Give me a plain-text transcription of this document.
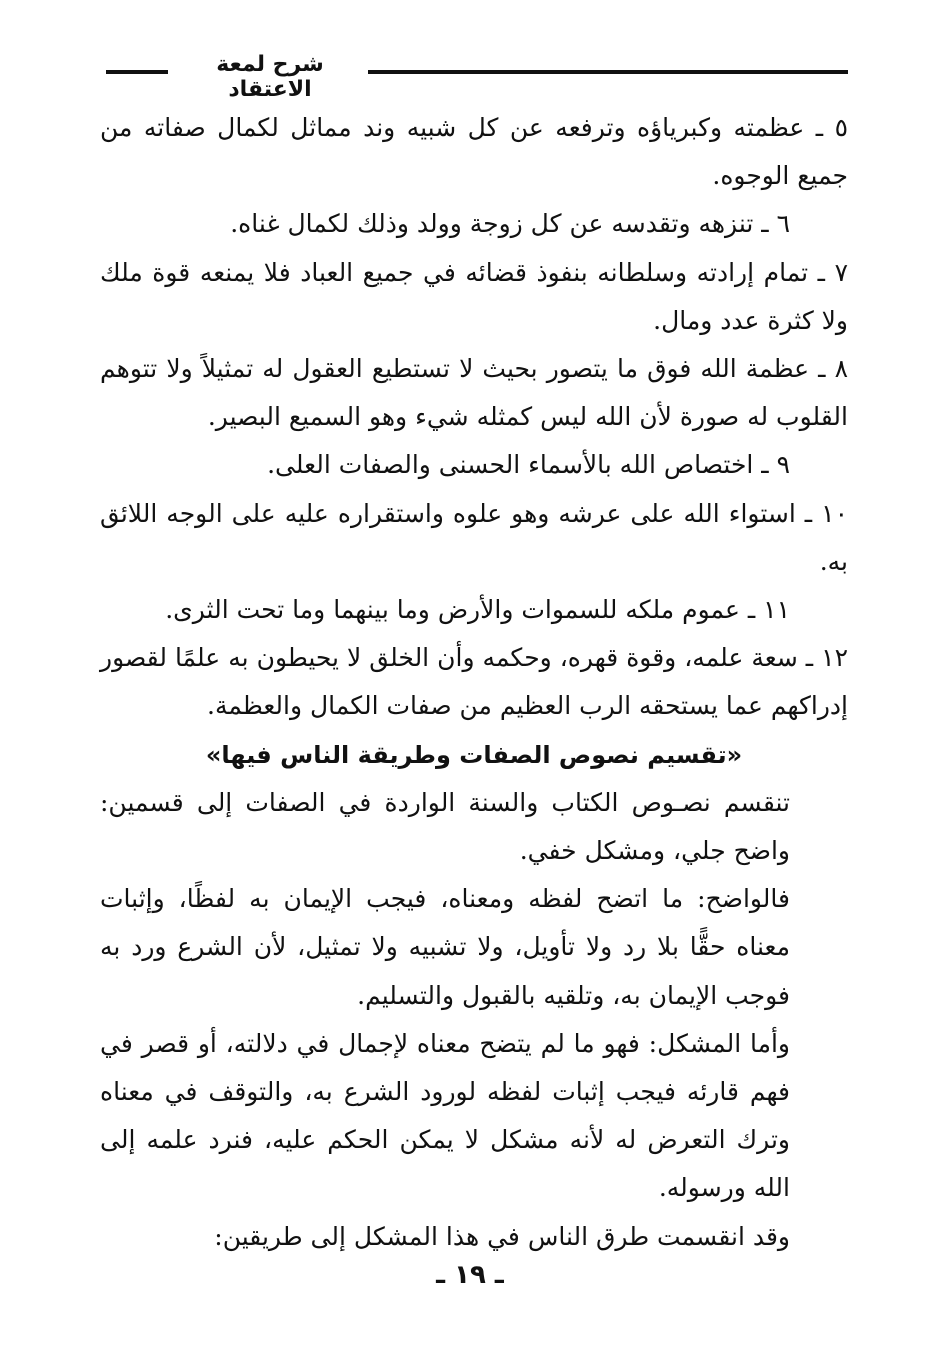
شرح لمعة الاعتقاد

٥ ـ عظمته وكبرياؤه وترفعه عن كل شبيه وند مماثل لكمال صفاته من جميع الوجوه.

٦ ـ تنزهه وتقدسه عن كل زوجة وولد وذلك لكمال غناه.

٧ ـ تمام إرادته وسلطانه بنفوذ قضائه في جميع العباد فلا يمنعه قوة ملك ولا كثرة عدد ومال.

٨ ـ عظمة الله فوق ما يتصور بحيث لا تستطيع العقول له تمثيلاً ولا تتوهم القلوب له صورة لأن الله ليس كمثله شيء وهو السميع البصير.

٩ ـ اختصاص الله بالأسماء الحسنى والصفات العلى.

١٠ ـ استواء الله على عرشه وهو علوه واستقراره عليه على الوجه اللائق به.

١١ ـ عموم ملكه للسموات والأرض وما بينهما وما تحت الثرى.

١٢ ـ سعة علمه، وقوة قهره، وحكمه وأن الخلق لا يحيطون به علمًا لقصور إدراكهم عما يستحقه الرب العظيم من صفات الكمال والعظمة.

«تقسيم نصوص الصفات وطريقة الناس فيها»

تنقسم نصـوص الكتاب والسنة الواردة في الصفات إلى قسمين: واضح جلي، ومشكل خفي.

فالواضح: ما اتضح لفظه ومعناه، فيجب الإيمان به لفظًا، وإثبات معناه حقًّا بلا رد ولا تأويل، ولا تشبيه ولا تمثيل، لأن الشرع ورد به فوجب الإيمان به، وتلقيه بالقبول والتسليم.

وأما المشكل: فهو ما لم يتضح معناه لإجمال في دلالته، أو قصر في فهم قارئه فيجب إثبات لفظه لورود الشرع به، والتوقف في معناه وترك التعرض له لأنه مشكل لا يمكن الحكم عليه، فنرد علمه إلى الله ورسوله.

وقد انقسمت طرق الناس في هذا المشكل إلى طريقين:

ـ ١٩ ـ
